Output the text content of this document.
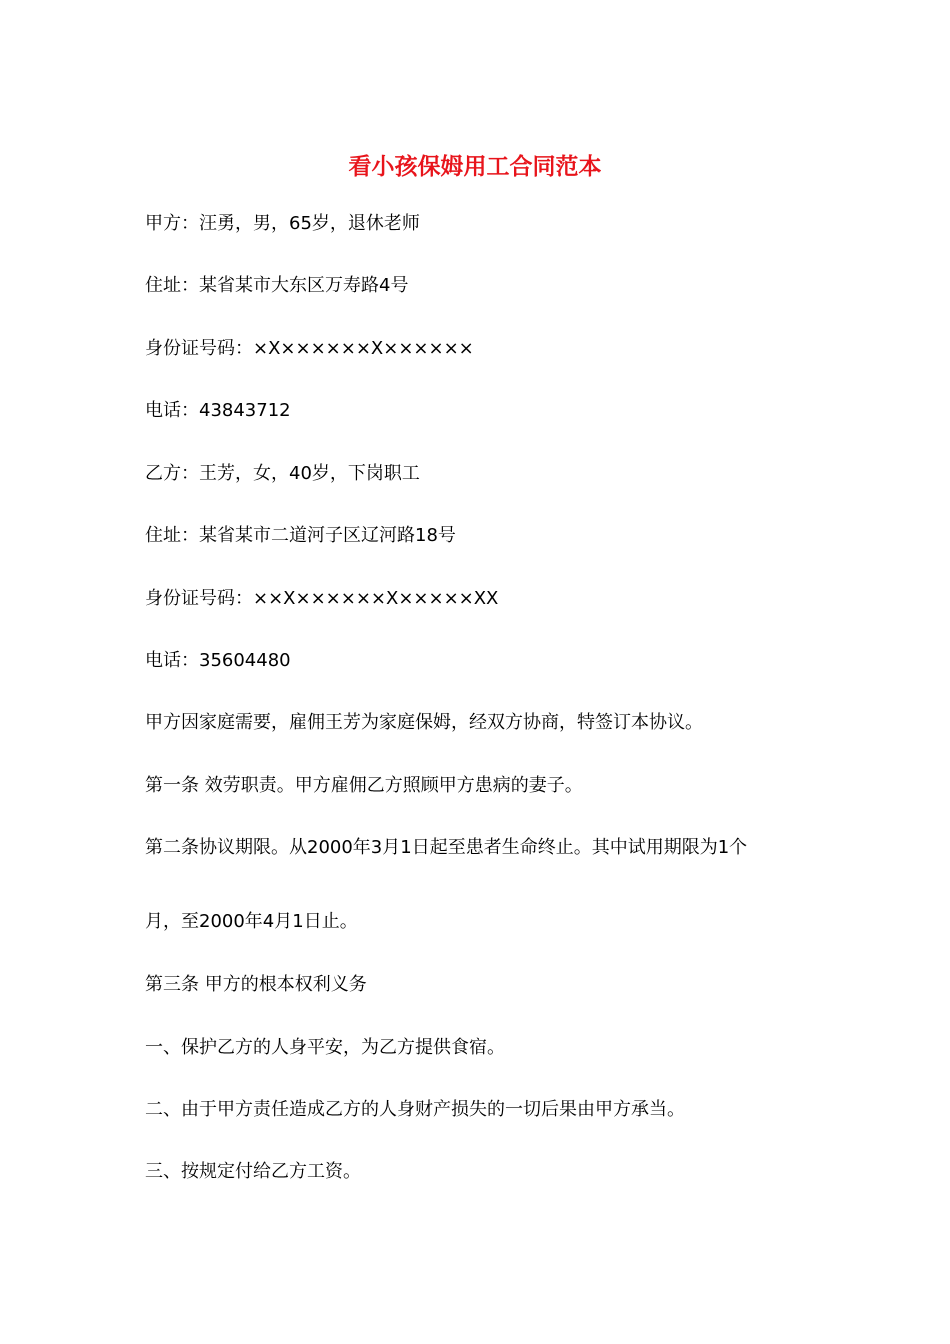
看小孩保姆用工合同范本

甲方：汪勇，男，65岁，退休老师

住址：某省某市大东区万寿路4号

身份证号码：×X××××××X××××××

电话：43843712

乙方：王芳，女，40岁，下岗职工

住址：某省某市二道河子区辽河路18号

身份证号码：××X××××××X×××××XX

电话：35604480

甲方因家庭需要，雇佣王芳为家庭保姆，经双方协商，特签订本协议。

第一条 效劳职责。甲方雇佣乙方照顾甲方患病的妻子。

第二条协议期限。从2000年3月1日起至患者生命终止。其中试用期限为1个

月，至2000年4月1日止。

第三条 甲方的根本权利义务

一、保护乙方的人身平安，为乙方提供食宿。

二、由于甲方责任造成乙方的人身财产损失的一切后果由甲方承当。

三、按规定付给乙方工资。
